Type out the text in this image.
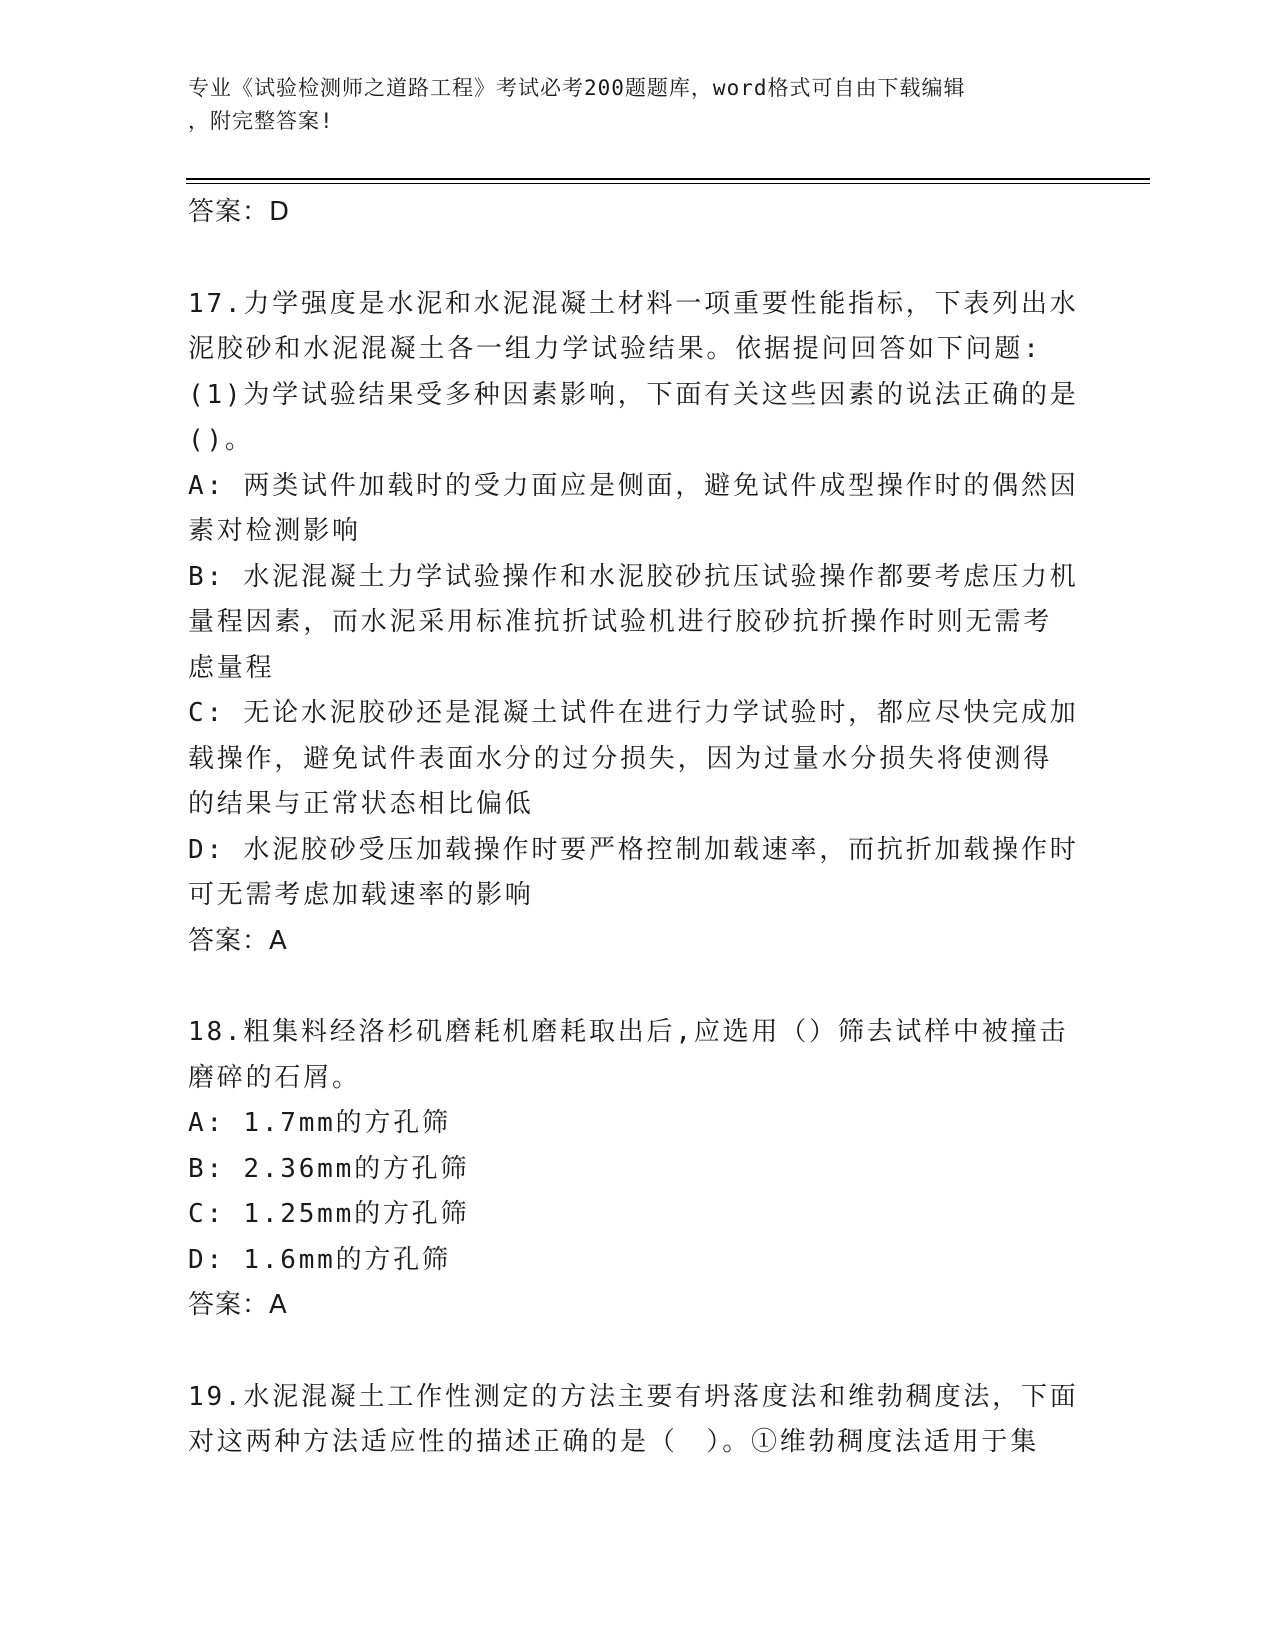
专业《试验检测师之道路工程》考试必考200题题库，word格式可自由下载编辑
，附完整答案!
答案：D
17.力学强度是水泥和水泥混凝土材料一项重要性能指标，下表列出水
泥胶砂和水泥混凝土各一组力学试验结果。依据提问回答如下问题:
(1)为学试验结果受多种因素影响，下面有关这些因素的说法正确的是
()。
A: 两类试件加载时的受力面应是侧面，避免试件成型操作时的偶然因
素对检测影响
B: 水泥混凝土力学试验操作和水泥胶砂抗压试验操作都要考虑压力机
量程因素，而水泥采用标准抗折试验机进行胶砂抗折操作时则无需考
虑量程
C: 无论水泥胶砂还是混凝土试件在进行力学试验时，都应尽快完成加
载操作，避免试件表面水分的过分损失，因为过量水分损失将使测得
的结果与正常状态相比偏低
D: 水泥胶砂受压加载操作时要严格控制加载速率，而抗折加载操作时
可无需考虑加载速率的影响
答案：A
18.粗集料经洛杉矶磨耗机磨耗取出后,应选用（）筛去试样中被撞击
磨碎的石屑。
A: 1.7mm的方孔筛
B: 2.36mm的方孔筛
C: 1.25mm的方孔筛
D: 1.6mm的方孔筛
答案：A
19.水泥混凝土工作性测定的方法主要有坍落度法和维勃稠度法，下面
对这两种方法适应性的描述正确的是（　）。①维勃稠度法适用于集
